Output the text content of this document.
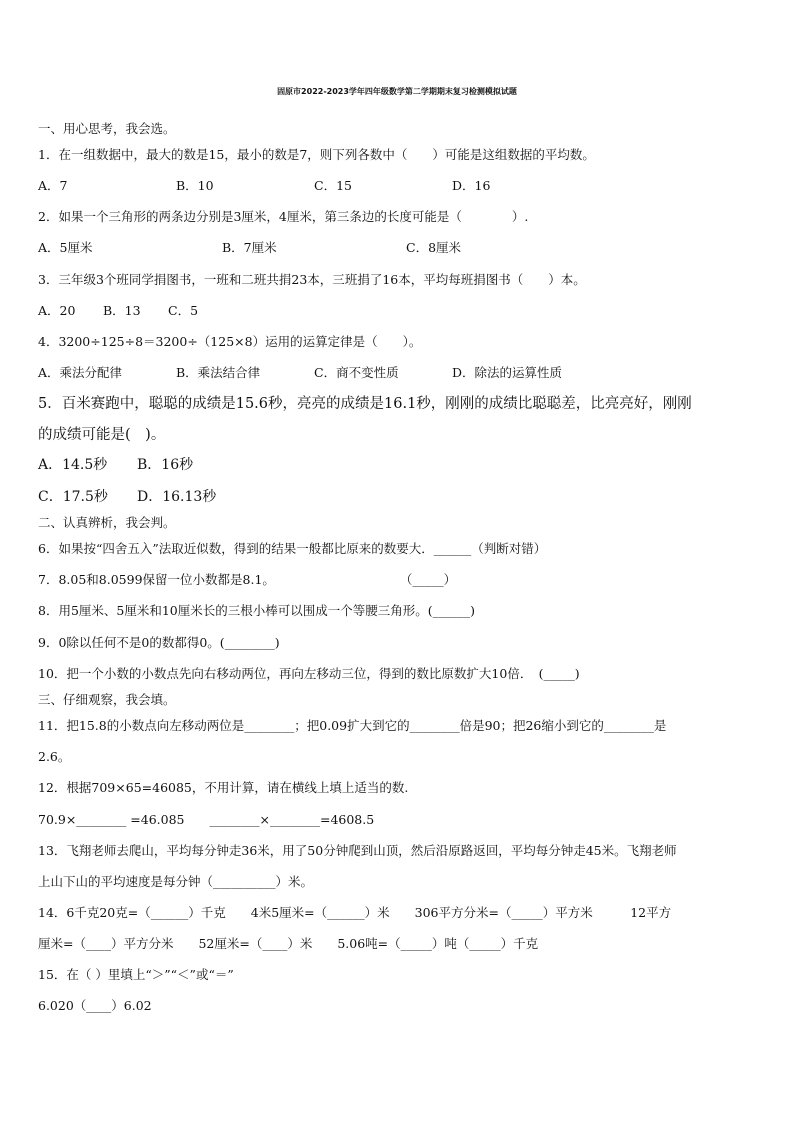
固原市2022-2023学年四年级数学第二学期期末复习检测模拟试题
一、用心思考，我会选。
1．在一组数据中，最大的数是15，最小的数是7，则下列各数中（　　）可能是这组数据的平均数。
A．7	B．10	C．15	D．16
2．如果一个三角形的两条边分别是3厘米，4厘米，第三条边的长度可能是（　　　　）.
A．5厘米	B．7厘米	C．8厘米
3．三年级3个班同学捐图书，一班和二班共捐23本，三班捐了16本，平均每班捐图书（　　）本。
A．20 B．13 C．5
4．3200÷125÷8＝3200÷（125×8）运用的运算定律是（　　）。
A．乘法分配律	B．乘法结合律	C．商不变性质	D．除法的运算性质
5．百米赛跑中，聪聪的成绩是15.6秒，亮亮的成绩是16.1秒，刚刚的成绩比聪聪差，比亮亮好，刚刚
的成绩可能是(　)。
A．14.5秒 B．16秒
C．17.5秒 D．16.13秒
二、认真辨析，我会判。
6．如果按“四舍五入”法取近似数，得到的结果一般都比原来的数要大．______（判断对错）
7．8.05和8.0599保留一位小数都是8.1。　　　　　　　　　　　（_____）
8．用5厘米、5厘米和10厘米长的三根小棒可以围成一个等腰三角形。(______)
9．0除以任何不是0的数都得0。(________)
10．把一个小数的小数点先向右移动两位，再向左移动三位，得到的数比原数扩大10倍．　(_____)
三、仔细观察，我会填。
11．把15.8的小数点向左移动两位是________；把0.09扩大到它的________倍是90；把26缩小到它的________是
2.6。
12．根据709×65=46085，不用计算，请在横线上填上适当的数.
70.9×________ =46.085　　________×________=4608.5
13．飞翔老师去爬山，平均每分钟走36米，用了50分钟爬到山顶，然后沿原路返回，平均每分钟走45米。飞翔老师
上山下山的平均速度是每分钟（__________）米。
14．6千克20克=（______）千克　　4米5厘米=（______）米　　306平方分米=（_____）平方米　　　12平方
厘米=（____）平方分米　　52厘米=（____）米　　5.06吨=（_____）吨（_____）千克
15．在（ ）里填上“＞”“＜”或“＝”
6.020（____）6.02
